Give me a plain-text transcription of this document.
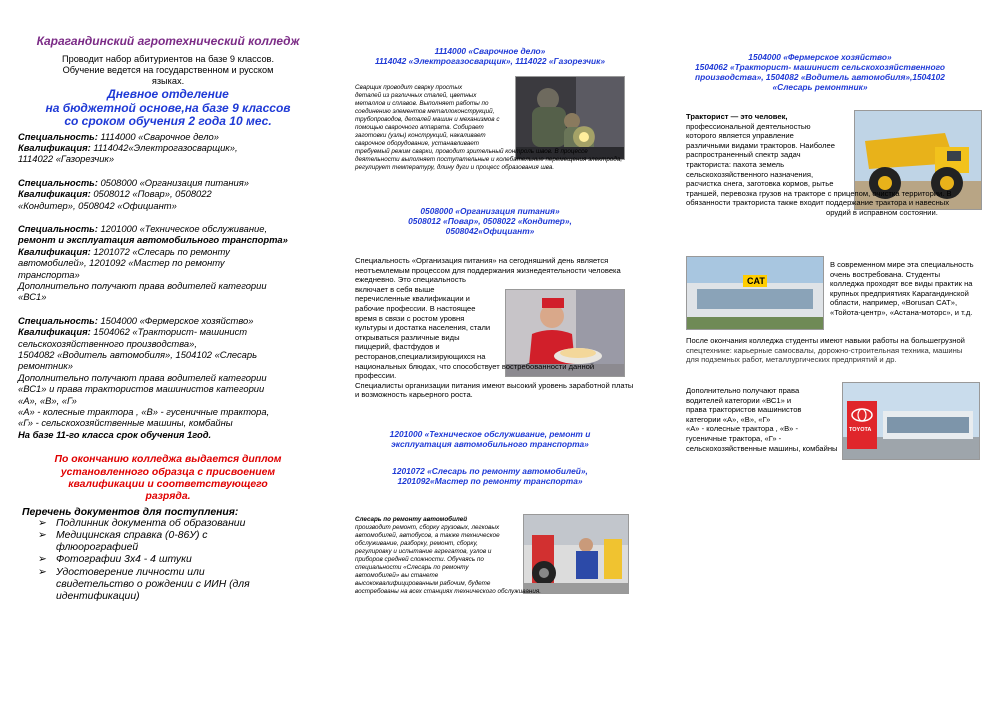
Карагандинский агротехнический колледж

Проводит набор абитуриентов на базе 9 классов.
Обучение ведется на государственном и русском
языках.

Дневное отделение
на бюджетной основе,на базе 9 классов
со сроком обучения 2 года 10 мес.

Специальность: 1114000 «Сварочное дело»
Квалификация: 1114042«Электрогазосварщик»,
1114022 «Газорезчик»

Специальность: 0508000 «Организация питания»
Квалификация: 0508012 «Повар», 0508022
«Кондитер», 0508042 «Официант»

Специальность: 1201000 «Техническое обслуживание,
ремонт и эксплуатация автомобильного транспорта»
Квалификация: 1201072 «Слесарь по ремонту
автомобилей», 1201092 «Мастер по ремонту
транспорта»
Дополнительно получают права водителей категории
«ВС1»

Специальность: 1504000 «Фермерское хозяйство»
Квалификация: 1504062 «Тракторист- машинист
сельскохозяйственного производства»,
1504082 «Водитель автомобиля», 1504102 «Слесарь
ремонтник»
Дополнительно получают права водителей категории
«ВС1» и права трактористов машинистов категории
«А», «В», «Г»
«А» - колесные трактора , «В» - гусеничные трактора,
«Г» - сельскохозяйственные машины, комбайны
На базе 11-го класса срок обучения 1год.

По окончанию колледжа выдается диплом
установленного образца с присвоением
квалификации и соответствующего
разряда.

Перечень документов для поступления:

➢ Подлинник документа об образовании
➢ Медицинская справка (0-86У) с
флюорографией
➢ Фотографии 3х4 - 4 штуки
➢ Удостоверение личности или
свидетельство о рождении с ИИН (для
идентификации)
1114000 «Сварочное дело»
1114042 «Электрогазосварщик», 1114022 «Газорезчик»
Сварщик проводит сварку простых
деталей из различных сталей, цветных
металлов и сплавов. Выполняет работы по
соединению элементов металлоконструкций,
трубопроводов, деталей машин и механизмов с
помощью сварочного аппарата. Собирает
заготовки (узлы) конструкций, накаливает
сварочное оборудование, устанавливает
требуемый режим сварки, проводит зрительный контроль швов. В процессе
деятельности выполняет поступательные и колебательные перемещения электрода,
регулирует температуру, длину дуги и процесс образования шва.
0508000 «Организация питания»
0508012 «Повар», 0508022 «Кондитер»,
0508042«Официант»
Специальность «Организация питания» на сегодняшний день является
неотъемлемым процессом для поддержания жизнедеятельности человека
ежедневно. Это специальность
включает в себя выше
перечисленные квалификации и
рабочие профессии. В настоящее
время в связи с ростом уровня
культуры и достатка населения, стали
открываться различные виды
пиццерий, фастфудов и
ресторанов,специализирующихся на
национальных блюдах, что способствует востребованности данной профессии.
Специалисты организации питания имеют высокий уровень заработной платы
и возможность карьерного роста.
1201000 «Техническое обслуживание, ремонт и
эксплуатация автомобильного транспорта»
1201072 «Слесарь по ремонту автомобилей»,
1201092«Мастер по ремонту транспорта»
Слесарь по ремонту автомобилей
производит ремонт, сборку грузовых, легковых
автомобилей, автобусов, а также техническое
обслуживание, разборку, ремонт, сборку,
регулировку и испытание агрегатов, узлов и
приборов средней сложности. Обучаясь по
специальности «Слесарь по ремонту
автомобилей» вы станете
высококвалифицированным рабочим, будете
востребованы на всех станциях технического обслуживания.
1504000 «Фермерское хозяйство»
1504062 «Тракторист- машинист сельскохозяйственного
производства», 1504082 «Водитель автомобиля»,1504102
«Слесарь ремонтник»
Тракторист — это человек,
профессиональной деятельностью
которого является управление
различными видами тракторов. Наиболее
распространенный спектр задач
тракториста: пахота земель
сельскохозяйственного назначения,
расчистка снега, заготовка кормов, рытье
траншей, перевозка грузов на тракторе с прицепом, очистка территории. В
обязанности тракториста также входит поддержание трактора и навесных
орудий в исправном состоянии.
CAT
В современном мире эта специальность
очень востребована. Студенты
колледжа проходят все виды практик на
крупных предприятиях Карагандинской
области, например, «Borusan CAT»,
«Тойота-центр», «Астана-моторс», и т.д.
После окончания колледжа студенты имеют навыки работы на большегрузной
спецтехнике: карьерные самосвалы, дорожно-строительная техника, машины
для подземных работ, металлургических предприятий и др.
Дополнительно получают права
водителей категории «ВС1» и
права трактористов машинистов
категории «А», «В», «Г»
«А» - колесные трактора , «В» -
гусеничные трактора, «Г» -
сельскохозяйственные машины, комбайны
TOYOTA
